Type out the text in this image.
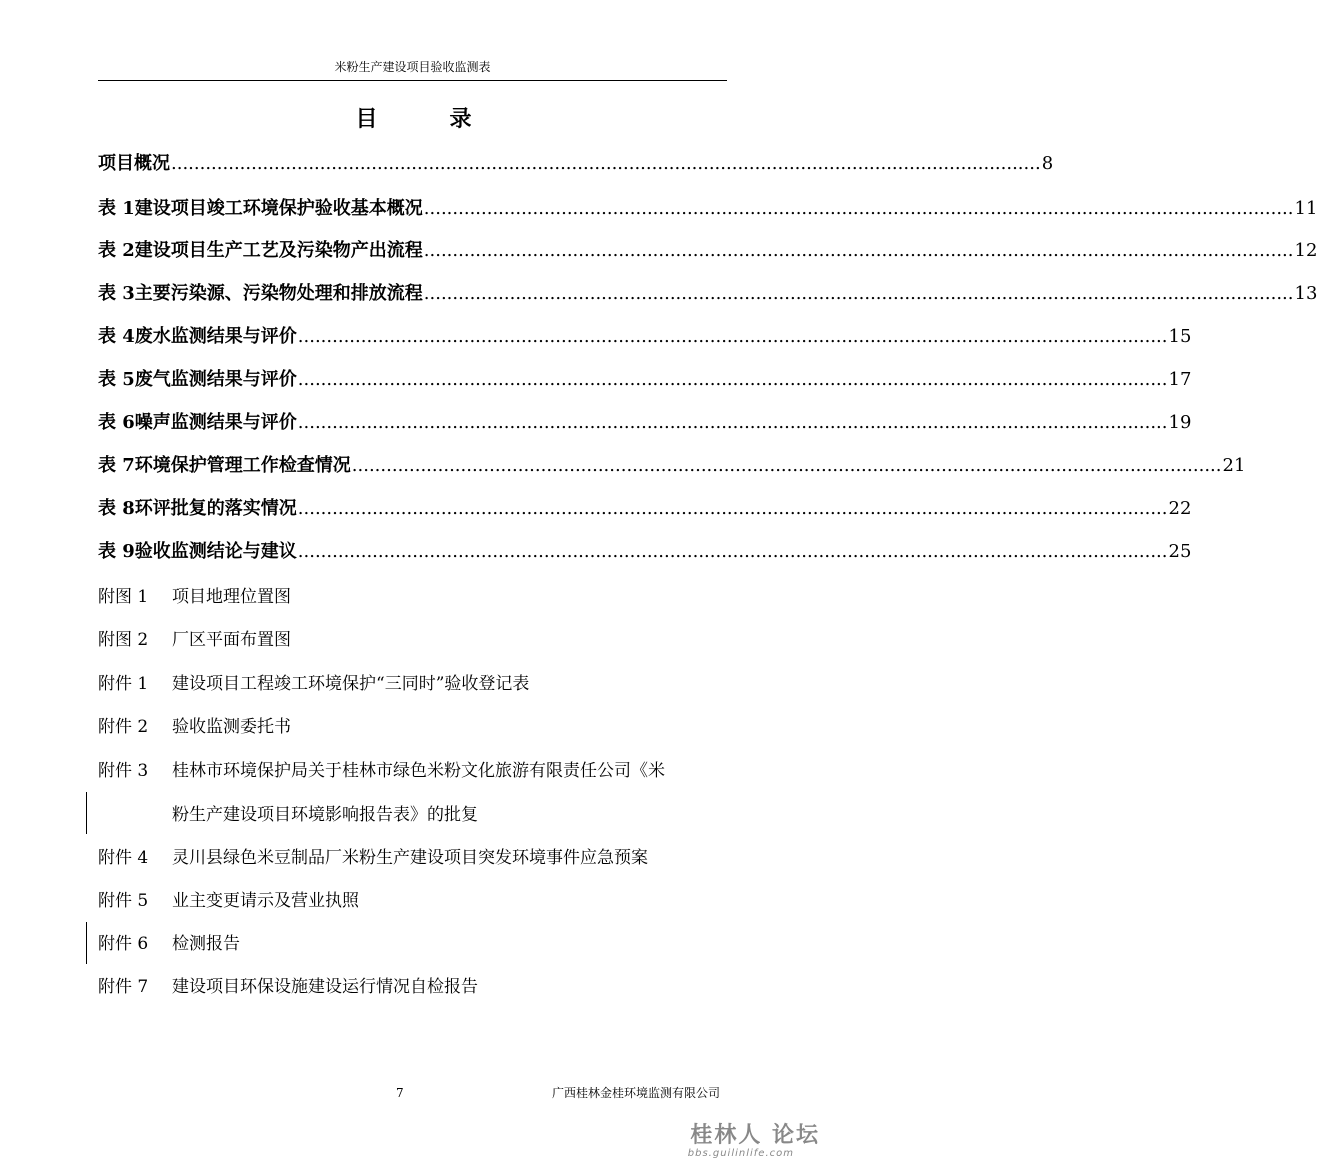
米粉生产建设项目验收监测表
目	录
项目概况 ........................................................................................................................................................ 8
表 1 建设项目竣工环境保护验收基本概况 ........................................................................................................................................................ 11
表 2 建设项目生产工艺及污染物产出流程 ........................................................................................................................................................ 12
表 3 主要污染源、污染物处理和排放流程 ........................................................................................................................................................ 13
表 4 废水监测结果与评价 ........................................................................................................................................................ 15
表 5 废气监测结果与评价 ........................................................................................................................................................ 17
表 6 噪声监测结果与评价 ........................................................................................................................................................ 19
表 7 环境保护管理工作检查情况 ........................................................................................................................................................ 21
表 8 环评批复的落实情况 ........................................................................................................................................................ 22
表 9 验收监测结论与建议 ........................................................................................................................................................ 25
附图 1 项目地理位置图
附图 2 厂区平面布置图
附件 1 建设项目工程竣工环境保护“三同时”验收登记表
附件 2 验收监测委托书
附件 3 桂林市环境保护局关于桂林市绿色米粉文化旅游有限责任公司《米
粉生产建设项目环境影响报告表》的批复
附件 4 灵川县绿色米豆制品厂米粉生产建设项目突发环境事件应急预案
附件 5 业主变更请示及营业执照
附件 6 检测报告
附件 7 建设项目环保设施建设运行情况自检报告
7	广西桂林金桂环境监测有限公司
桂林人 论坛
bbs.guilinlife.com
